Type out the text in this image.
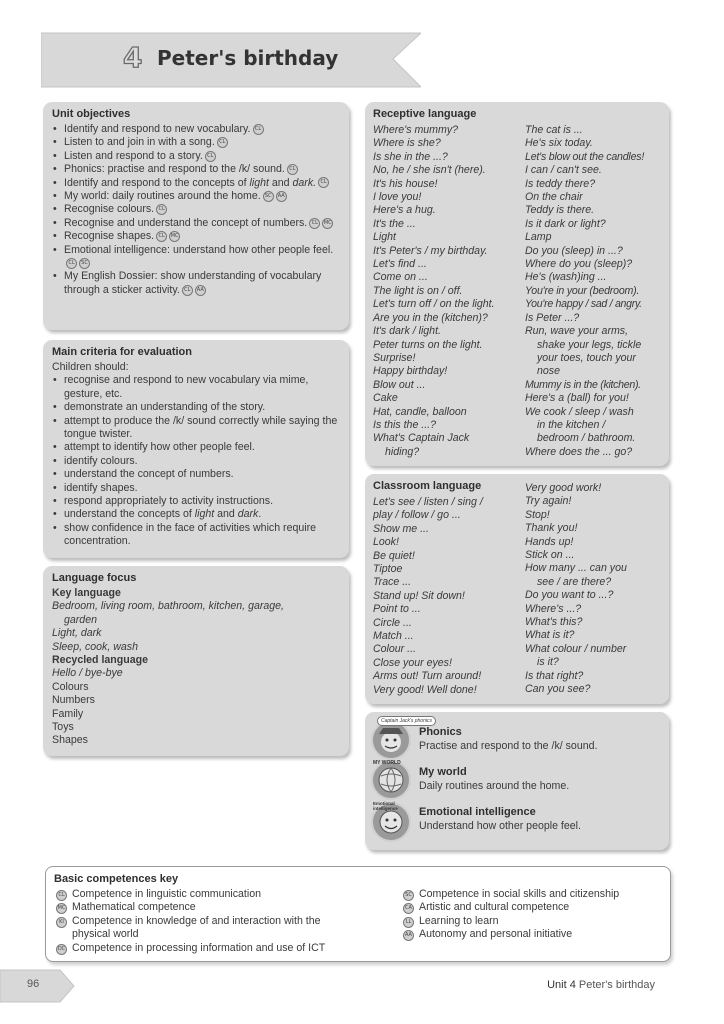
4 Peter's birthday
Unit objectives
• Identify and respond to new vocabulary. CL
• Listen to and join in with a song. CL
• Listen and respond to a story. CL
• Phonics: practise and respond to the /k/ sound. CL
• Identify and respond to the concepts of light and dark. CL
• My world: daily routines around the home. SC AA
• Recognise colours. CL
• Recognise and understand the concept of numbers. CL MC
• Recognise shapes. CL MC
• Emotional intelligence: understand how other people feel.CL SC
• My English Dossier: show understanding of vocabulary through a sticker activity. CL AA
Main criteria for evaluation
Children should:
• recognise and respond to new vocabulary via mime, gesture, etc.
• demonstrate an understanding of the story.
• attempt to produce the /k/ sound correctly while saying the tongue twister.
• attempt to identify how other people feel.
• identify colours.
• understand the concept of numbers.
• identify shapes.
• respond appropriately to activity instructions.
• understand the concepts of light and dark.
• show confidence in the face of activities which require concentration.
Language focus
Key language
Bedroom, living room, bathroom, kitchen, garage,
garden
Light, dark
Sleep, cook, wash
Recycled language
Hello / bye-bye
Colours
Numbers
Family
Toys
Shapes
Receptive language
Where's mummy?
Where is she?
Is she in the ...?
No, he / she isn't (here).
It's his house!
I love you!
Here's a hug.
It's the ...
Light
It's Peter's / my birthday.
Let's find ...
Come on ...
The light is on / off.
Let's turn off / on the light.
Are you in the (kitchen)?
It's dark / light.
Peter turns on the light.
Surprise!
Happy birthday!
Blow out ...
Cake
Hat, candle, balloon
Is this the ...?
What's Captain Jack
hiding?
The cat is ...
He's six today.
Let's blow out the candles!
I can / can't see.
Is teddy there?
On the chair
Teddy is there.
Is it dark or light?
Lamp
Do you (sleep) in ...?
Where do you (sleep)?
He's (wash)ing ...
You're in your (bedroom).
You're happy / sad / angry.
Is Peter ...?
Run, wave your arms,
shake your legs, tickle
your toes, touch your
nose
Mummy is in the (kitchen).
Here's a (ball) for you!
We cook / sleep / wash
in the kitchen /
bedroom / bathroom.
Where does the ... go?
Classroom language
Let's see / listen / sing /
play / follow / go ...
Show me ...
Look!
Be quiet!
Tiptoe
Trace ...
Stand up! Sit down!
Point to ...
Circle ...
Match ...
Colour ...
Close your eyes!
Arms out! Turn around!
Very good! Well done!
Very good work!
Try again!
Stop!
Thank you!
Hands up!
Stick on ...
How many ... can you
see / are there?
Do you want to ...?
Where's ...?
What's this?
What is it?
What colour / number
is it?
Is that right?
Can you see?
Captain Jack's phonics
Phonics
Practise and respond to the /k/ sound.
MY WORLD
My world
Daily routines around the home.
Emotional intelligence	Emotional intelligence
Understand how other people feel.
Basic competences key
CL Competence in linguistic communication
MC Mathematical competence
KI Competence in knowledge of and interaction with the
physical world
DC Competence in processing information and use of ICT
SC Competence in social skills and citizenship
CA Artistic and cultural competence
LL Learning to learn
AA Autonomy and personal initiative
96	Unit 4 Peter's birthday
